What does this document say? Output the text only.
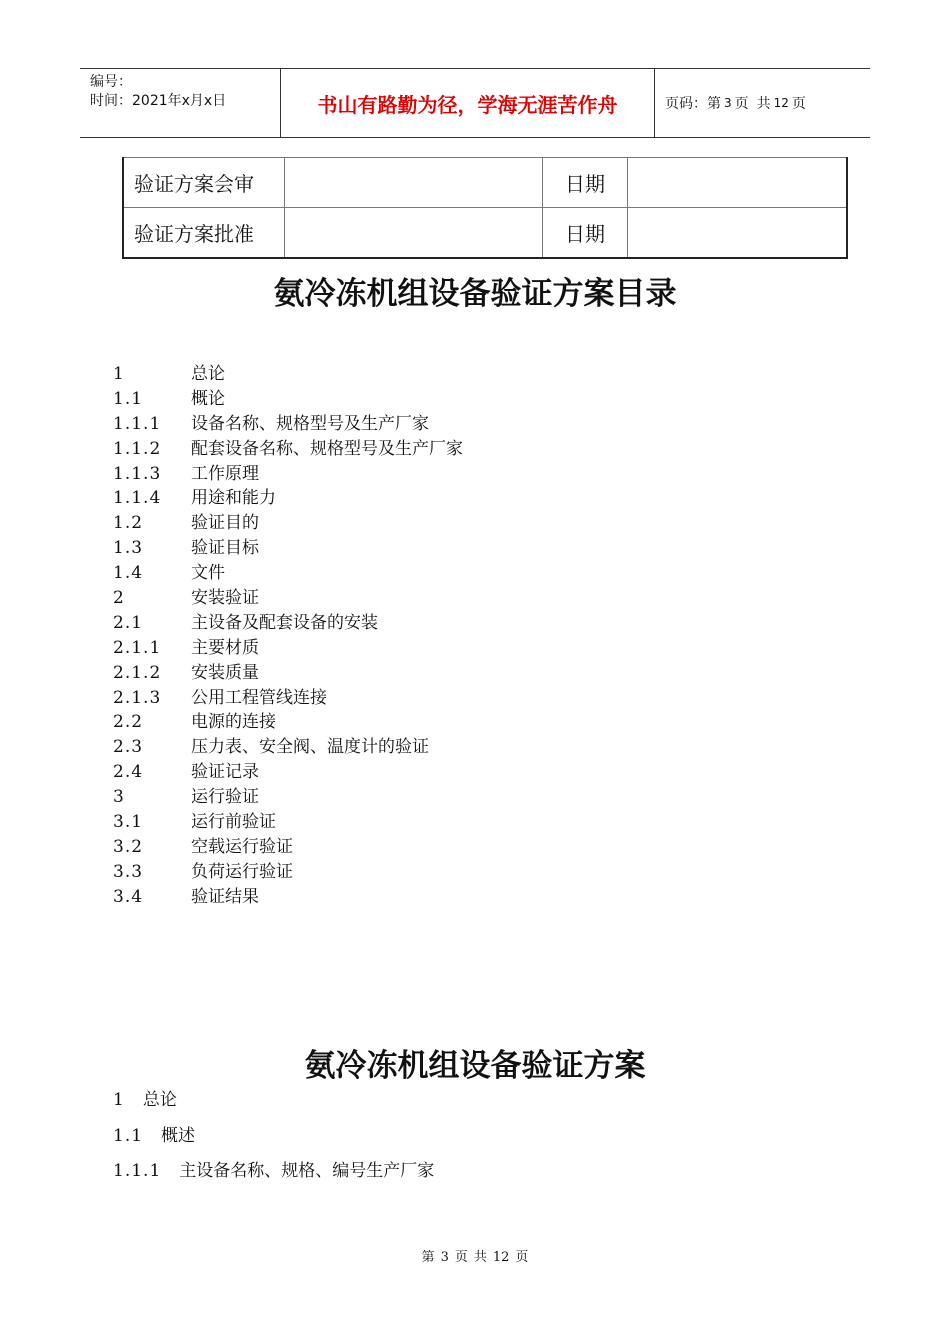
编号：
时间：2021年x月x日	书山有路勤为径，学海无涯苦作舟	页码：第 3 页 共 12 页
验证方案会审		日期	
验证方案批准		日期	
氨冷冻机组设备验证方案目录
1	总论
1.1	概论
1.1.1	设备名称、规格型号及生产厂家
1.1.2	配套设备名称、规格型号及生产厂家
1.1.3	工作原理
1.1.4	用途和能力
1.2	验证目的
1.3	验证目标
1.4	文件
2	安装验证
2.1	主设备及配套设备的安装
2.1.1	主要材质
2.1.2	安装质量
2.1.3	公用工程管线连接
2.2	电源的连接
2.3	压力表、安全阀、温度计的验证
2.4	验证记录
3	运行验证
3.1	运行前验证
3.2	空载运行验证
3.3	负荷运行验证
3.4	验证结果
氨冷冻机组设备验证方案
1 总论
1.1 概述
1.1.1 主设备名称、规格、编号生产厂家
第 3 页 共 12 页
